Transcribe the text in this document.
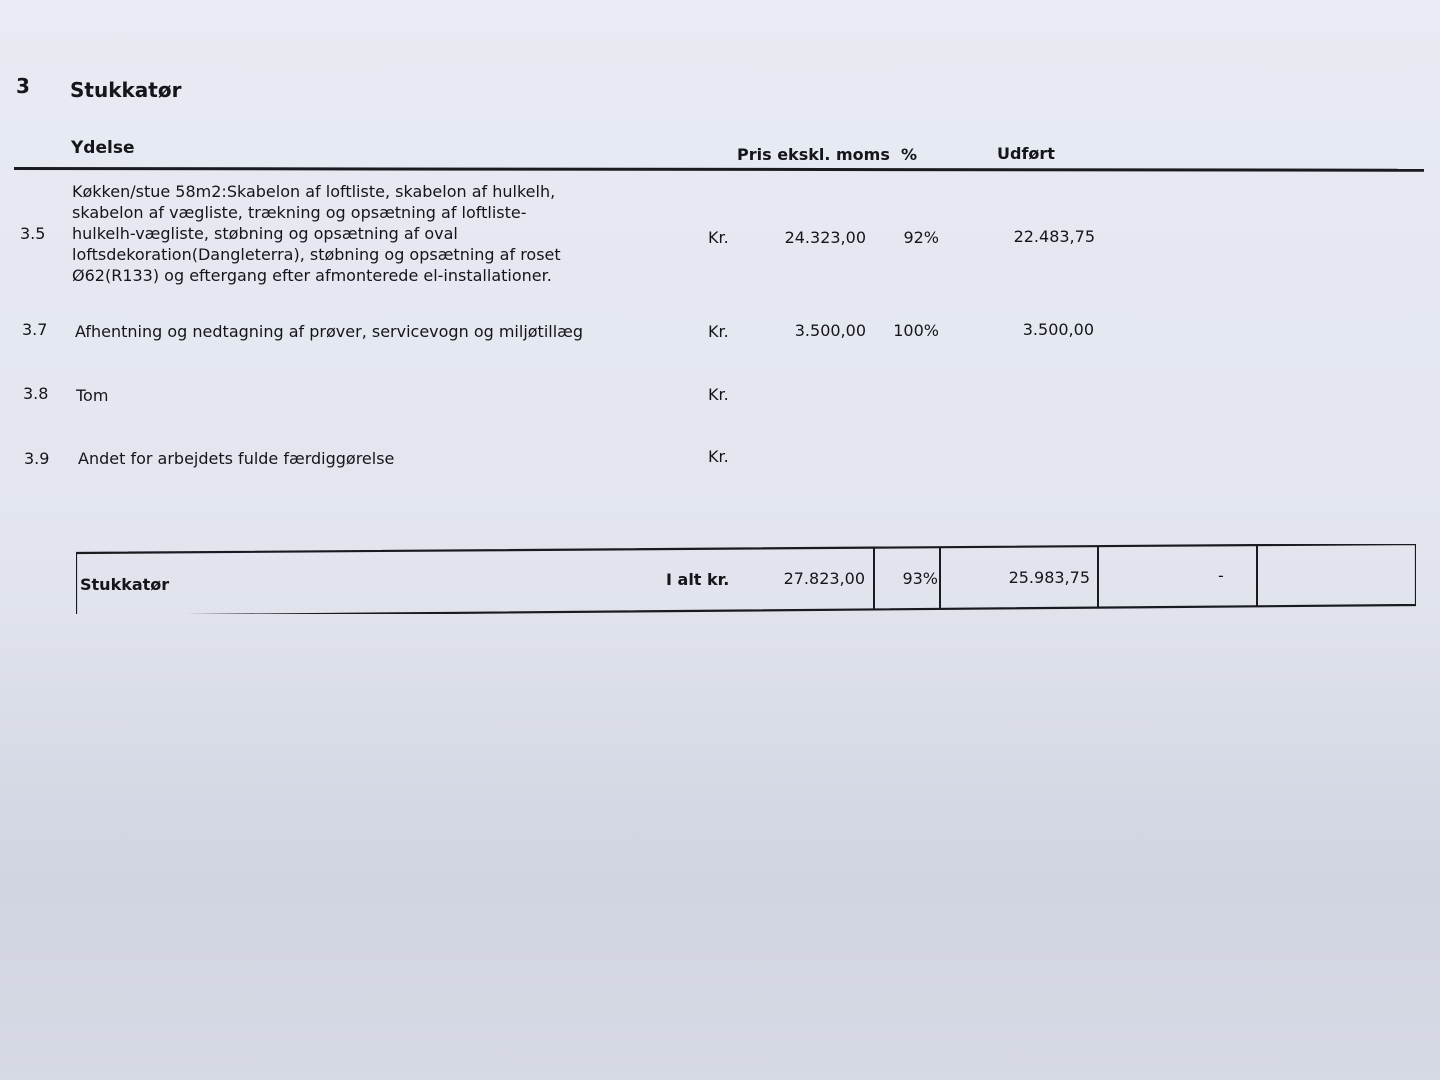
3 Stukkatør
Ydelse	Pris ekskl. moms %	Udført
3.5
Køkken/stue 58m2:Skabelon af loftliste, skabelon af hulkelh,
skabelon af vægliste, trækning og opsætning af loftliste-
hulkelh-vægliste, støbning og opsætning af oval
loftsdekoration(Dangleterra), støbning og opsætning af roset
Ø62(R133) og eftergang efter afmonterede el-installationer.
Kr.	24.323,00	92%	22.483,75
3.7 Afhentning og nedtagning af prøver, servicevogn og miljøtillæg	Kr.	3.500,00	100%	3.500,00
3.8 Tom	Kr.
3.9 Andet for arbejdets fulde færdiggørelse	Kr.
Stukkatør	I alt kr.	27.823,00	93%	25.983,75	-
